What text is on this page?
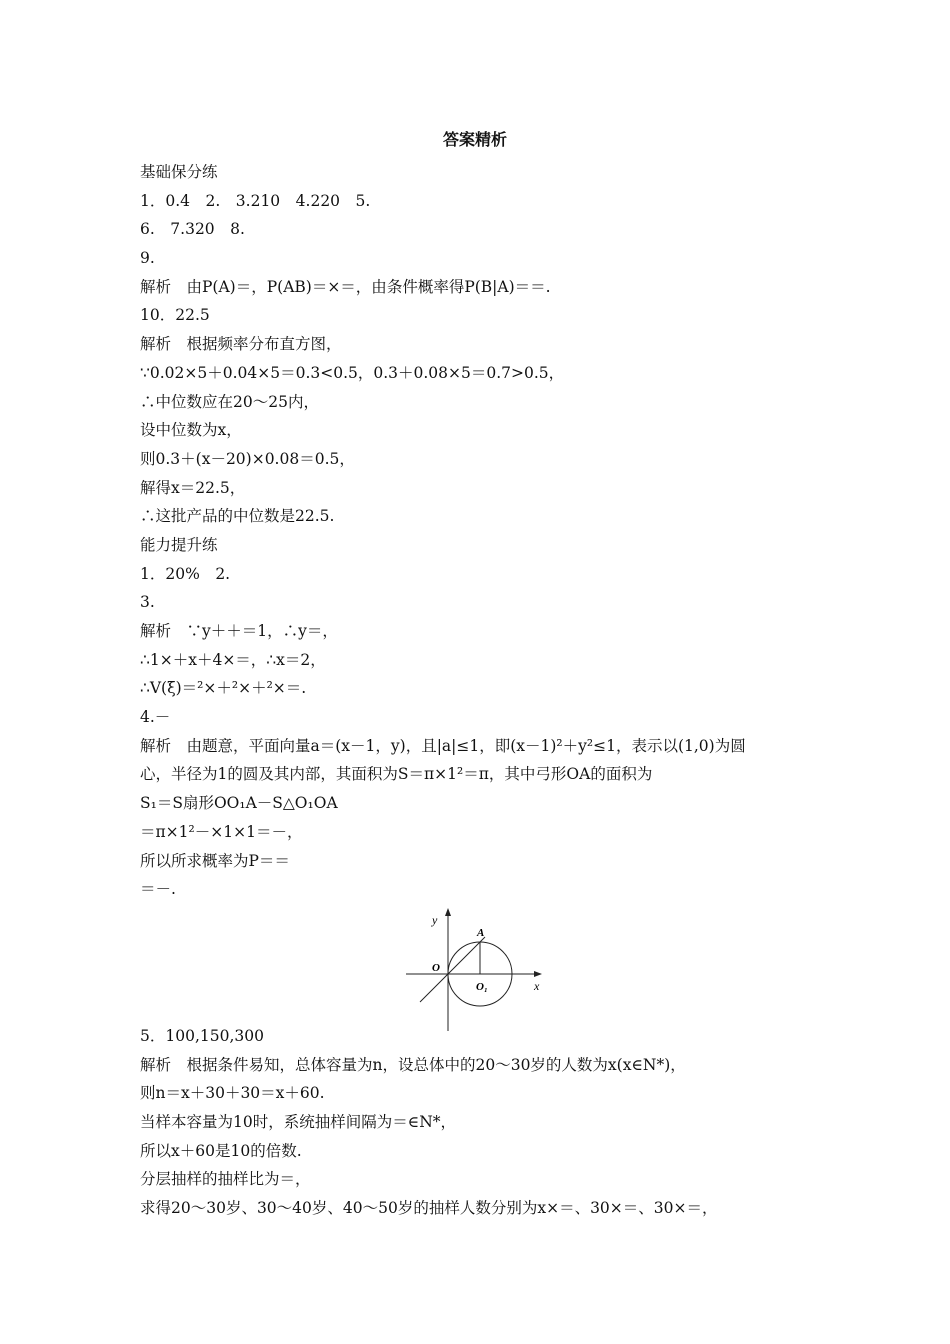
答案精析
基础保分练
1．0.4　2.　3.210　4.220　5.
6.　7.320　8.
9.
解析　由P(A)＝，P(AB)＝×＝，由条件概率得P(B|A)＝＝.
10．22.5
解析　根据频率分布直方图，
∵0.02×5＋0.04×5＝0.3<0.5，0.3＋0.08×5＝0.7>0.5，
∴中位数应在20～25内，
设中位数为x，
则0.3＋(x－20)×0.08＝0.5，
解得x＝22.5，
∴这批产品的中位数是22.5.
能力提升练
1．20%　2.
3.
解析　∵y＋＋＝1，∴y＝，
∴1×＋x＋4×＝，∴x＝2，
∴V(ξ)＝²×＋²×＋²×＝.
4.－
解析　由题意，平面向量a＝(x－1，y)，且|a|≤1，即(x－1)²＋y²≤1，表示以(1,0)为圆
心，半径为1的圆及其内部，其面积为S＝π×1²＝π，其中弓形OA的面积为
S₁＝S扇形OO₁A－S△O₁OA
＝π×1²－×1×1＝－，
所以所求概率为P＝＝
＝－.
y
x
A
O
O₁
5．100,150,300
解析　根据条件易知，总体容量为n，设总体中的20～30岁的人数为x(x∈N*)，
则n＝x＋30＋30＝x＋60.
当样本容量为10时，系统抽样间隔为＝∈N*，
所以x＋60是10的倍数.
分层抽样的抽样比为＝，
求得20～30岁、30～40岁、40～50岁的抽样人数分别为x×＝、30×＝、30×＝，
